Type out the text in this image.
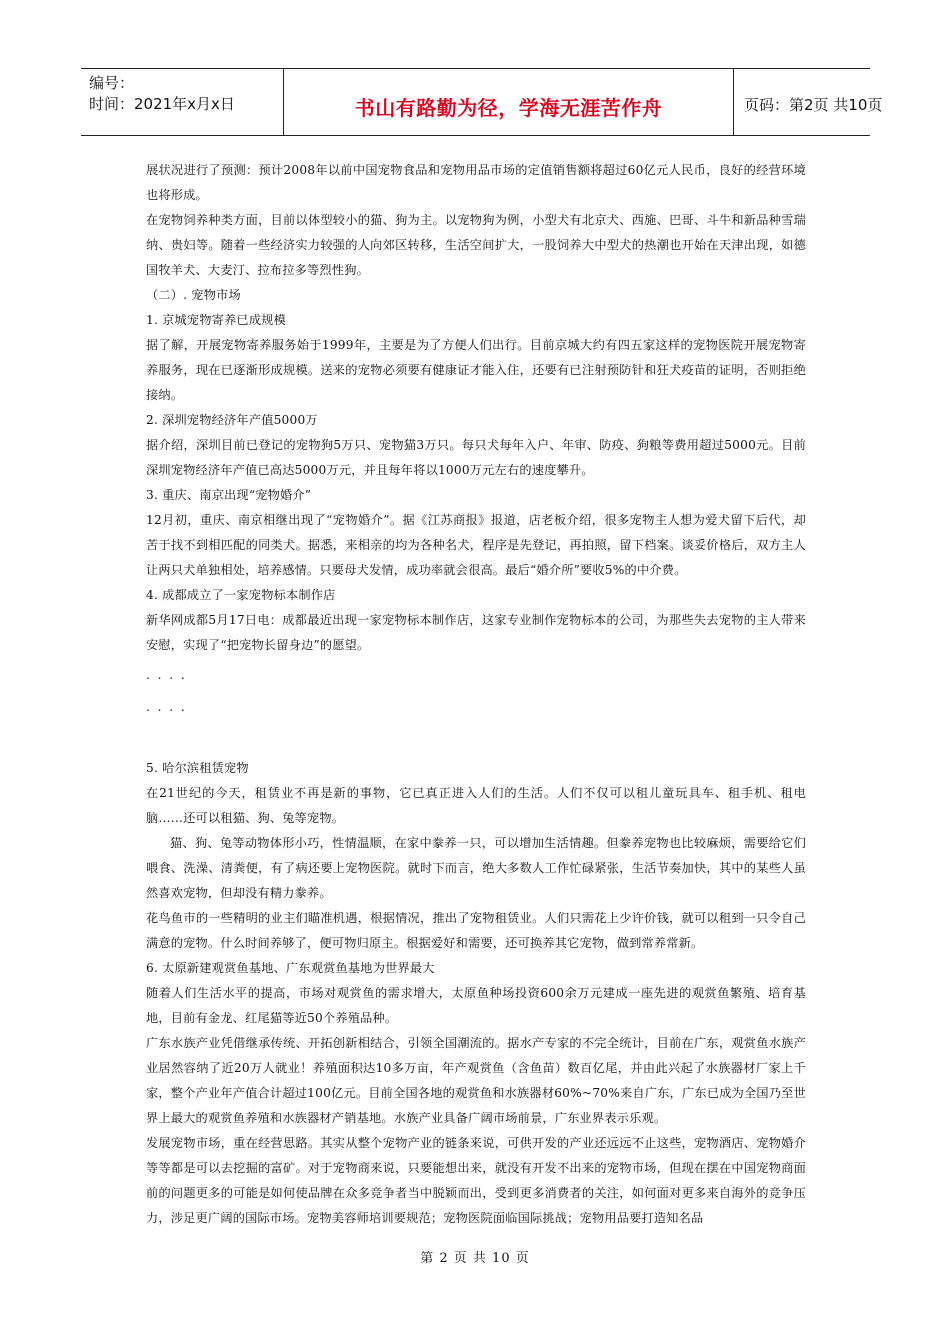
编号：
时间：2021年x月x日	书山有路勤为径，学海无涯苦作舟	页码：第2页 共10页

展状况进行了预测：预计2008年以前中国宠物食品和宠物用品市场的定值销售额将超过60亿元人民币，良好的经营环境也将形成。

在宠物饲养种类方面，目前以体型较小的猫、狗为主。以宠物狗为例，小型犬有北京犬、西施、巴哥、斗牛和新品种雪瑞纳、贵妇等。随着一些经济实力较强的人向郊区转移，生活空间扩大，一股饲养大中型犬的热潮也开始在天津出现，如德国牧羊犬、大麦汀、拉布拉多等烈性狗。

（二）. 宠物市场

1. 京城宠物寄养已成规模

据了解，开展宠物寄养服务始于1999年，主要是为了方便人们出行。目前京城大约有四五家这样的宠物医院开展宠物寄养服务，现在已逐渐形成规模。送来的宠物必须要有健康证才能入住，还要有已注射预防针和狂犬疫苗的证明，否则拒绝接纳。

2. 深圳宠物经济年产值5000万

据介绍，深圳目前已登记的宠物狗5万只、宠物猫3万只。每只犬每年入户、年审、防疫、狗粮等费用超过5000元。目前深圳宠物经济年产值已高达5000万元，并且每年将以1000万元左右的速度攀升。

3. 重庆、南京出现“宠物婚介”

12月初，重庆、南京相继出现了“宠物婚介”。据《江苏商报》报道，店老板介绍，很多宠物主人想为爱犬留下后代，却苦于找不到相匹配的同类犬。据悉，来相亲的均为各种名犬，程序是先登记，再拍照，留下档案。谈妥价格后，双方主人让两只犬单独相处，培养感情。只要母犬发情，成功率就会很高。最后“婚介所”要收5%的中介费。

4. 成都成立了一家宠物标本制作店

新华网成都5月17日电：成都最近出现一家宠物标本制作店，这家专业制作宠物标本的公司，为那些失去宠物的主人带来安慰，实现了“把宠物长留身边”的愿望。

. . . .

. . . .

5. 哈尔滨租赁宠物

在21世纪的今天，租赁业不再是新的事物，它已真正进入人们的生活。人们不仅可以租儿童玩具车、租手机、租电脑……还可以租猫、狗、兔等宠物。

猫、狗、兔等动物体形小巧，性情温顺，在家中豢养一只，可以增加生活情趣。但豢养宠物也比较麻烦，需要给它们喂食、洗澡、清粪便，有了病还要上宠物医院。就时下而言，绝大多数人工作忙碌紧张，生活节奏加快，其中的某些人虽然喜欢宠物，但却没有精力豢养。

花鸟鱼市的一些精明的业主们瞄准机遇，根据情况，推出了宠物租赁业。人们只需花上少许价钱，就可以租到一只令自己满意的宠物。什么时间养够了，便可物归原主。根据爱好和需要，还可换养其它宠物，做到常养常新。

6. 太原新建观赏鱼基地、广东观赏鱼基地为世界最大

随着人们生活水平的提高，市场对观赏鱼的需求增大，太原鱼种场投资600余万元建成一座先进的观赏鱼繁殖、培育基地，目前有金龙、红尾猫等近50个养殖品种。

广东水族产业凭借继承传统、开拓创新相结合，引领全国潮流的。据水产专家的不完全统计，目前在广东，观赏鱼水族产业居然容纳了近20万人就业！养殖面积达10多万亩，年产观赏鱼（含鱼苗）数百亿尾，并由此兴起了水族器材厂家上千家，整个产业年产值合计超过100亿元。目前全国各地的观赏鱼和水族器材60%~70%来自广东，广东已成为全国乃至世界上最大的观赏鱼养殖和水族器材产销基地。水族产业具备广阔市场前景，广东业界表示乐观。

发展宠物市场，重在经营思路。其实从整个宠物产业的链条来说，可供开发的产业还远远不止这些，宠物酒店、宠物婚介等等都是可以去挖掘的富矿。对于宠物商来说，只要能想出来，就没有开发不出来的宠物市场，但现在摆在中国宠物商面前的问题更多的可能是如何使品牌在众多竞争者当中脱颖而出，受到更多消费者的关注，如何面对更多来自海外的竞争压力，涉足更广阔的国际市场。宠物美容师培训要规范；宠物医院面临国际挑战；宠物用品要打造知名品

第 2 页 共 10 页
